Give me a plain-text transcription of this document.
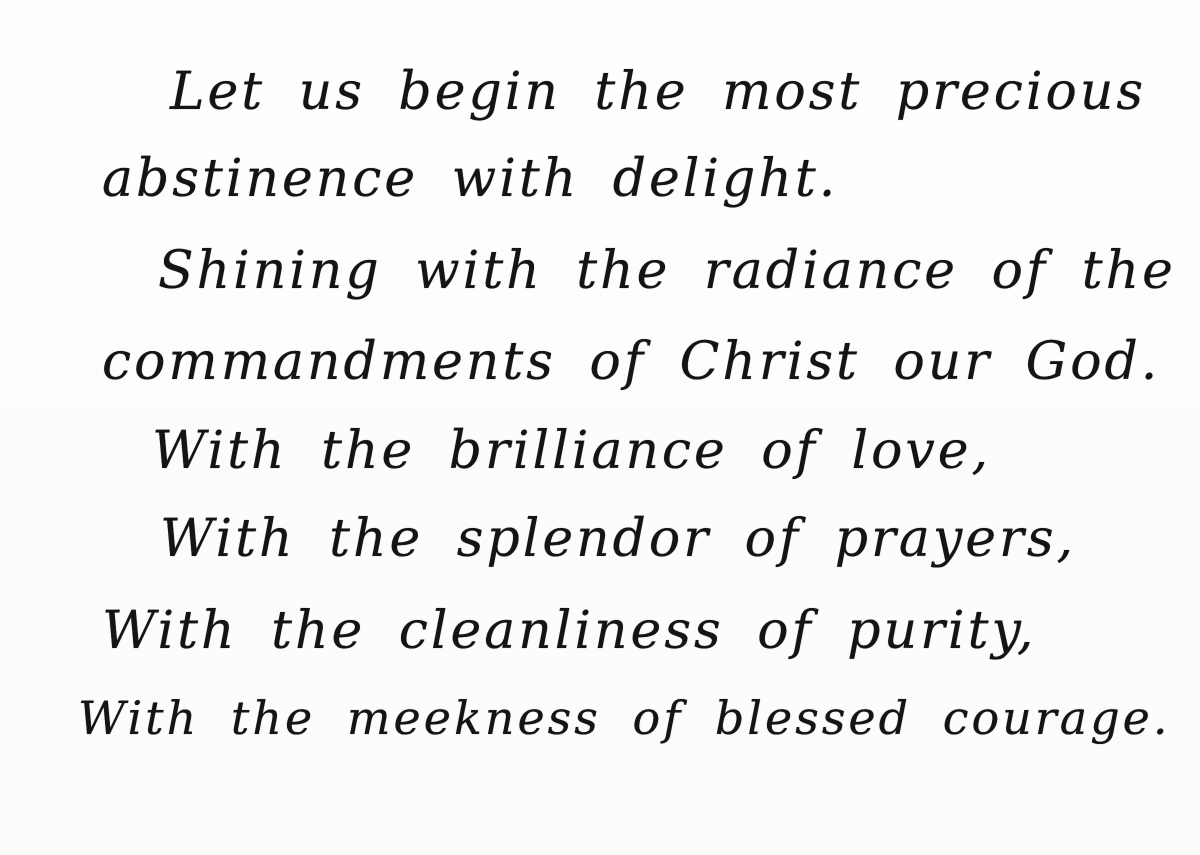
Let us begin the most precious
abstinence with delight.
Shining with the radiance of the
commandments of Christ our God.
With the brilliance of love,
With the splendor of prayers,
With the cleanliness of purity,
With the meekness of blessed courage.
